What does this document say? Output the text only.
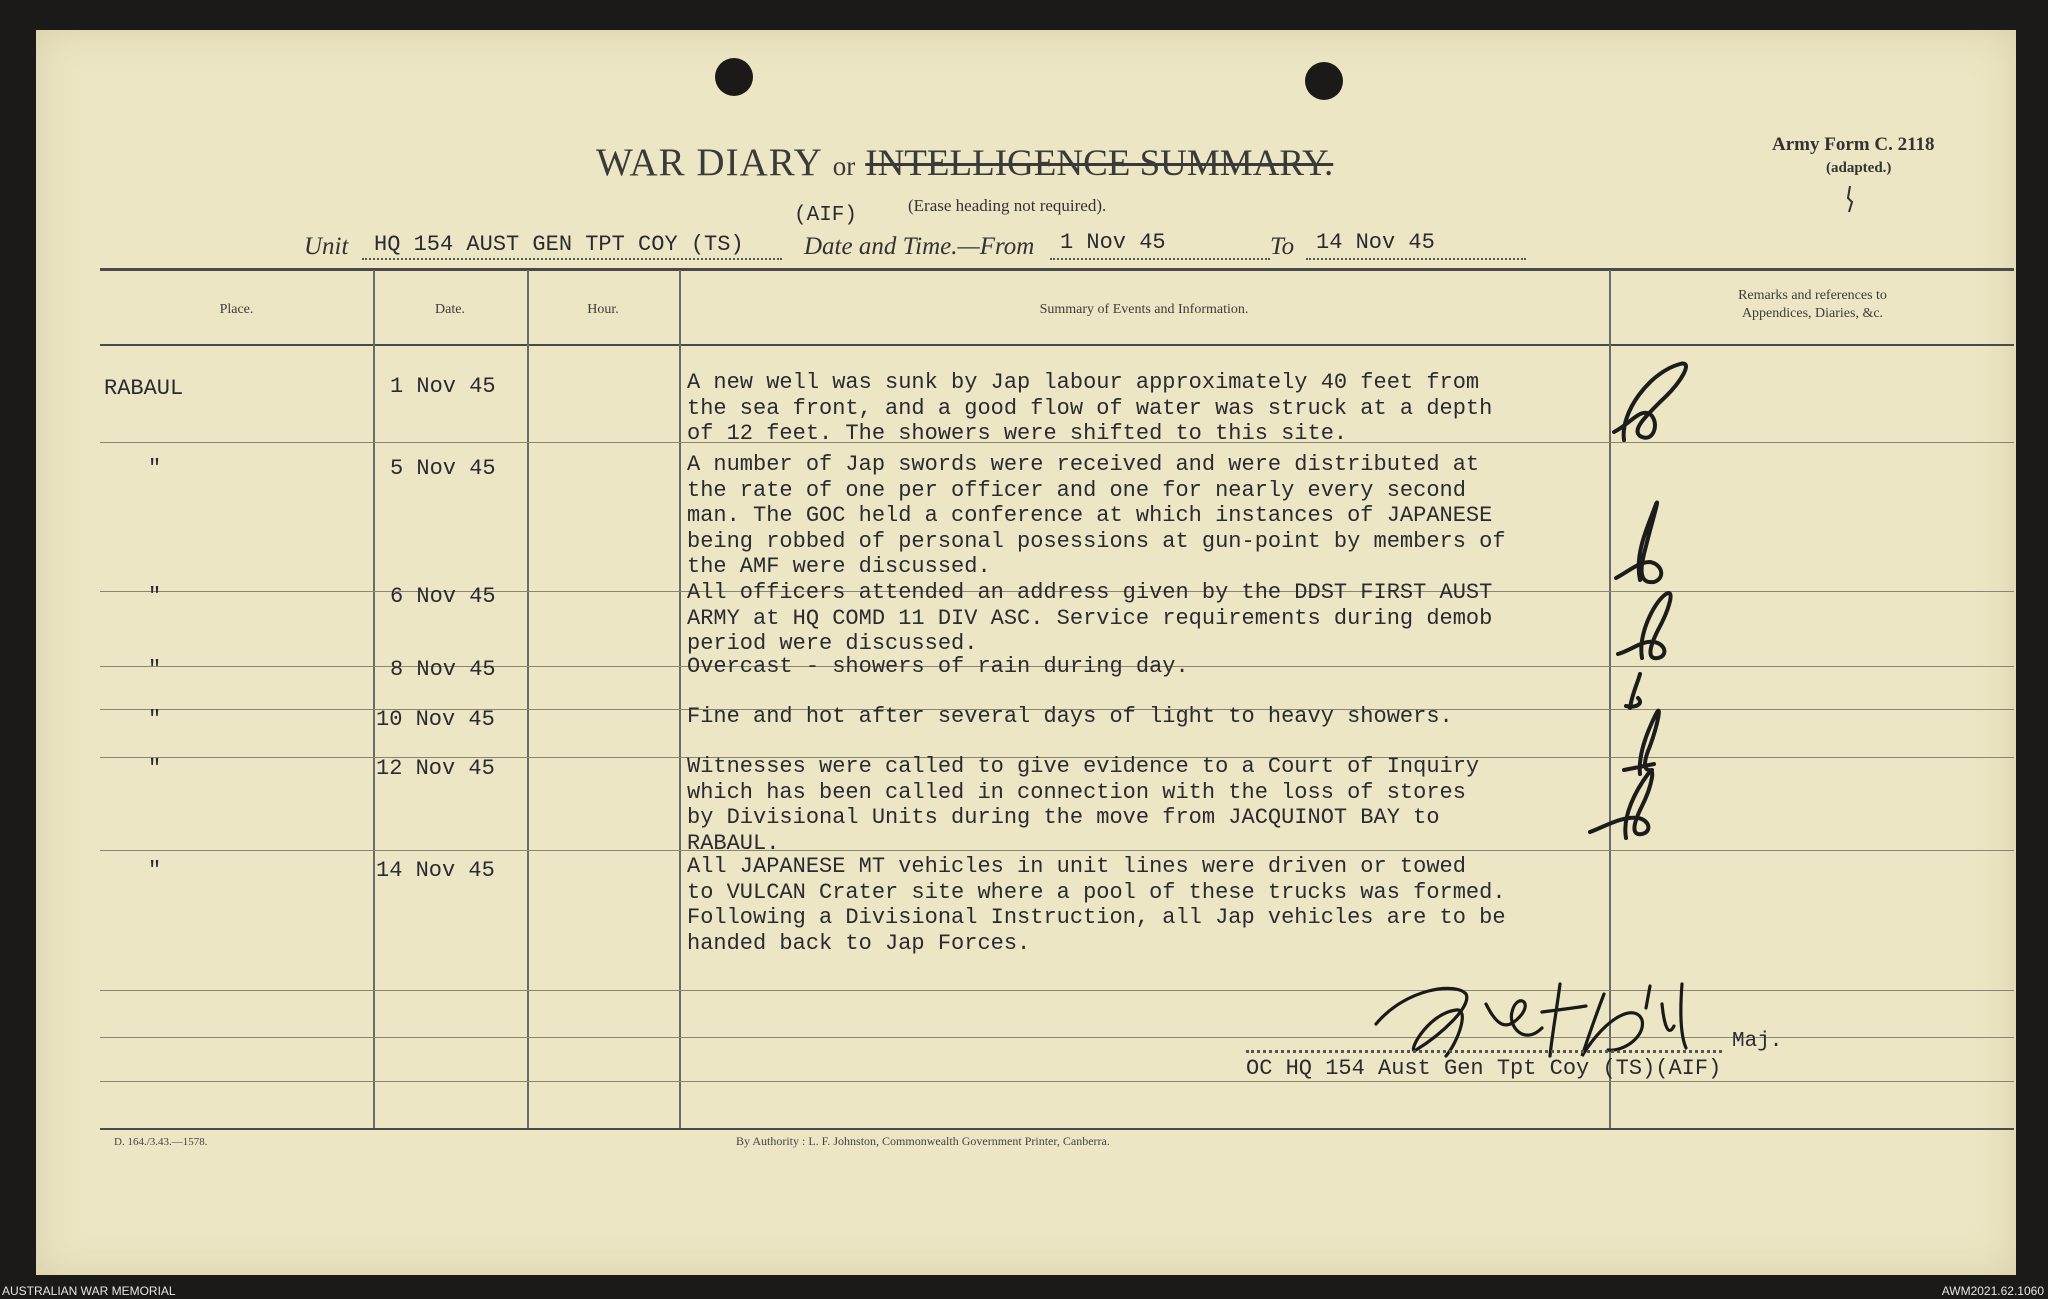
WAR DIARY or INTELLIGENCE SUMMARY.
(Erase heading not required).
Army Form C. 2118
(adapted.)
(AIF)
Unit HQ 154 AUST GEN TPT COY (TS) Date and Time.—From 1 Nov 45	To 14 Nov 45
Place.	Date.	Hour.	Summary of Events and Information.
Remarks and references to
Appendices, Diaries, &c.
RABAUL	1 Nov 45	A new well was sunk by Jap labour approximately 40 feet from
the sea front, and a good flow of water was struck at a depth
of 12 feet. The showers were shifted to this site.
"	5 Nov 45	A number of Jap swords were received and were distributed at
the rate of one per officer and one for nearly every second
man. The GOC held a conference at which instances of JAPANESE
being robbed of personal posessions at gun-point by members of
the AMF were discussed.
"	6 Nov 45	All officers attended an address given by the DDST FIRST AUST
ARMY at HQ COMD 11 DIV ASC. Service requirements during demob
period were discussed.
"	8 Nov 45	Overcast - showers of rain during day.
"	10 Nov 45	Fine and hot after several days of light to heavy showers.
"	12 Nov 45	Witnesses were called to give evidence to a Court of Inquiry
which has been called in connection with the loss of stores
by Divisional Units during the move from JACQUINOT BAY to
RABAUL.
"	14 Nov 45	All JAPANESE MT vehicles in unit lines were driven or towed
to VULCAN Crater site where a pool of these trucks was formed.
Following a Divisional Instruction, all Jap vehicles are to be
handed back to Jap Forces.
Maj.
OC HQ 154 Aust Gen Tpt Coy (TS)(AIF)
D. 164./3.43.—1578.	By Authority : L. F. Johnston, Commonwealth Government Printer, Canberra.
AUSTRALIAN WAR MEMORIAL	AWM2021.62.1060
